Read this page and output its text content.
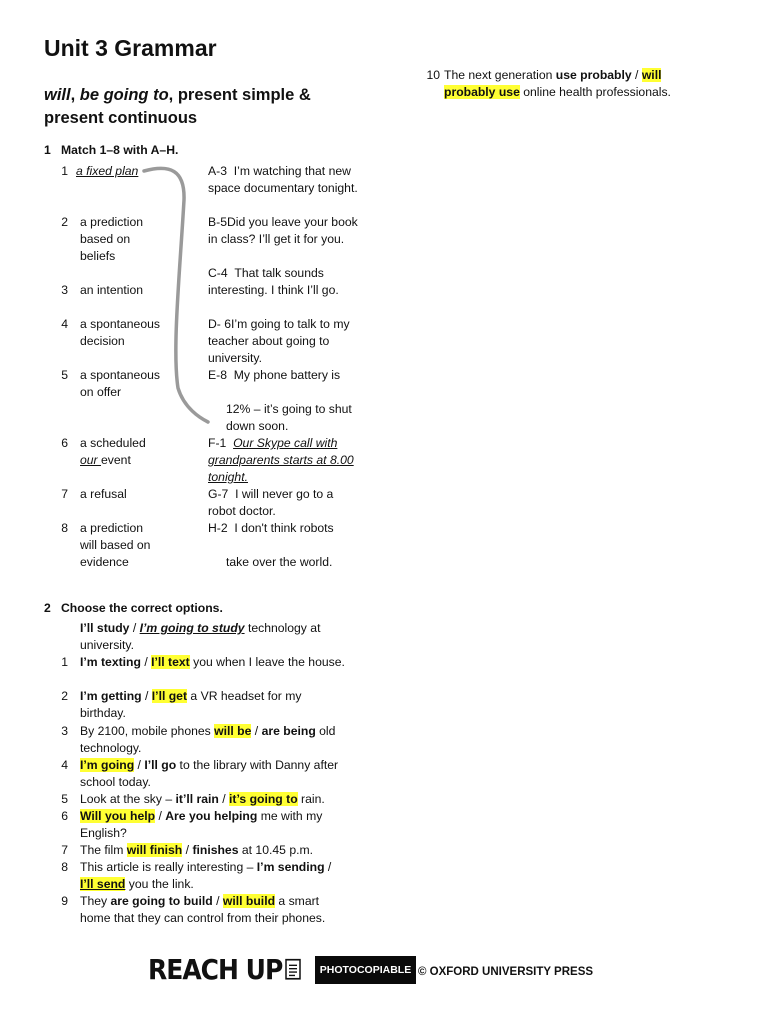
Unit 3 Grammar
will, be going to, present simple & present continuous
1 Match 1–8 with A–H.
1 a fixed plan
2 a prediction based on beliefs
3 an intention
4 a spontaneous decision
5 a spontaneous on offer
6 a scheduled
our event
7 a refusal
8 a prediction will based on evidence
A-3 I’m watching that new space documentary tonight.
B-5Did you leave your book in class? I’ll get it for you.
C-4 That talk sounds interesting. I think I’ll go.
D- 6I’m going to talk to my teacher about going to university.
E-8 My phone battery is
12% – it’s going to shut down soon.
F-1 Our Skype call with grandparents starts at 8.00 tonight.
G-7 I will never go to a robot doctor.
H-2 I don't think robots
take over the world.
2 Choose the correct options.
I’ll study / I’m going to study technology at university.
1 I’m texting / I’ll text you when I leave the house.
2 I’m getting / I’ll get a VR headset for my birthday.
3 By 2100, mobile phones will be / are being old technology.
4 I’m going / I’ll go to the library with Danny after school today.
5 Look at the sky – it’ll rain / it’s going to rain.
6 Will you help / Are you helping me with my English?
7 The film will finish / finishes at 10.45 p.m.
8 This article is really interesting – I’m sending /
I’ll send you the link.
9 They are going to build / will build a smart home that they can control from their phones.
10 The next generation use probably / will probably use online health professionals.
REACH UP	PHOTOCOPIABLE © OXFORD UNIVERSITY PRESS
